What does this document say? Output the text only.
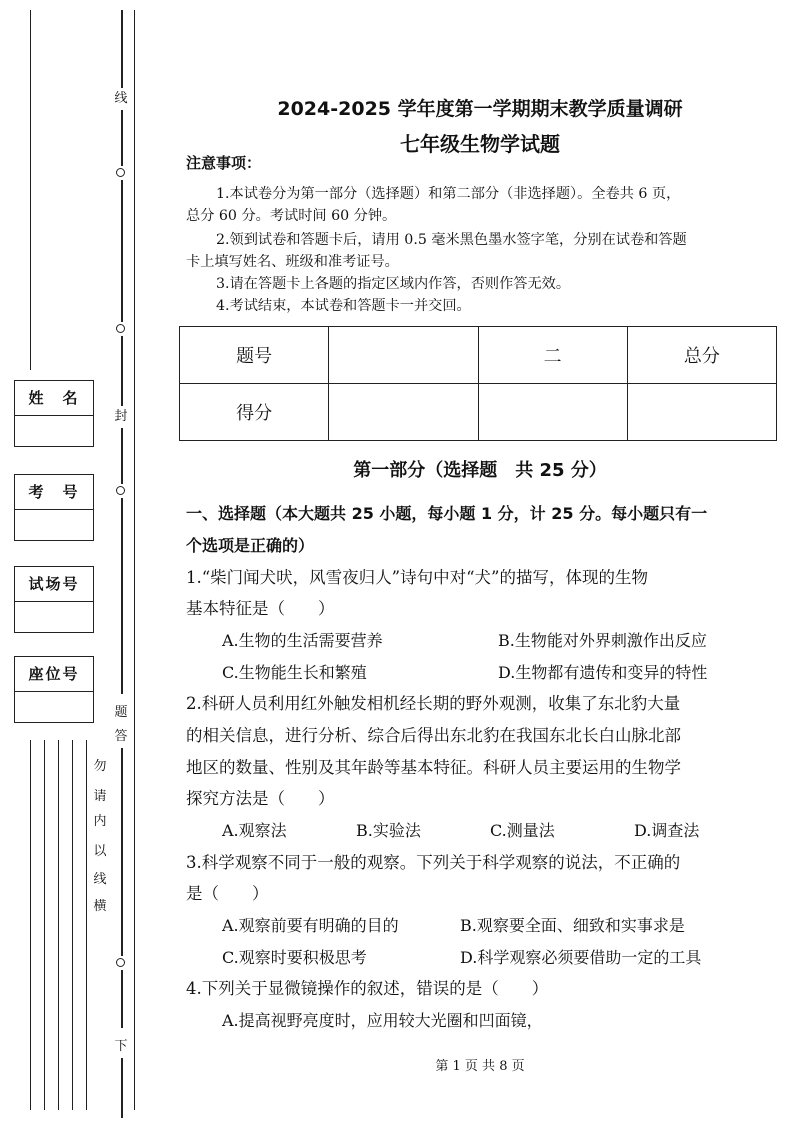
线
封
题
答
下
勿
请
内
以
线
横
姓　名
考　号
试场号
座位号
2024-2025 学年度第一学期期末教学质量调研
七年级生物学试题
注意事项：
1.本试卷分为第一部分（选择题）和第二部分（非选择题）。全卷共 6 页，
总分 60 分。考试时间 60 分钟。
2.领到试卷和答题卡后，请用 0.5 毫米黑色墨水签字笔，分别在试卷和答题
卡上填写姓名、班级和准考证号。
3.请在答题卡上各题的指定区域内作答，否则作答无效。
4.考试结束，本试卷和答题卡一并交回。
题号		二	总分
得分			
第一部分（选择题　共 25 分）
一、选择题（本大题共 25 小题，每小题 1 分，计 25 分。每小题只有一
个选项是正确的）
1.“柴门闻犬吠，风雪夜归人”诗句中对“犬”的描写，体现的生物
基本特征是（　　）
A.生物的生活需要营养	B.生物能对外界刺激作出反应
C.生物能生长和繁殖	D.生物都有遗传和变异的特性
2.科研人员利用红外触发相机经长期的野外观测，收集了东北豹大量
的相关信息，进行分析、综合后得出东北豹在我国东北长白山脉北部
地区的数量、性别及其年龄等基本特征。科研人员主要运用的生物学
探究方法是（　　）
A.观察法	B.实验法	C.测量法	D.调查法
3.科学观察不同于一般的观察。下列关于科学观察的说法，不正确的
是（　　）
A.观察前要有明确的目的	B.观察要全面、细致和实事求是
C.观察时要积极思考	D.科学观察必须要借助一定的工具
4.下列关于显微镜操作的叙述，错误的是（　　）
A.提高视野亮度时，应用较大光圈和凹面镜，
第 1 页 共 8 页
